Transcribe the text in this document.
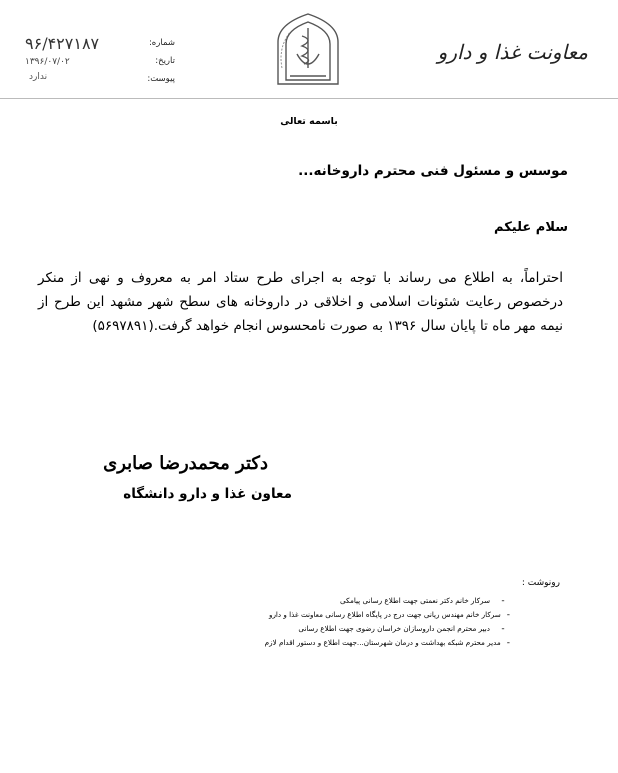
معاونت غذا و دارو
شماره:
تاریخ:
پیوست:
۹۶/۴۲۷۱۸۷
۱۳۹۶/۰۷/۰۲
ندارد
باسمه تعالی
موسس و مسئول فنی محترم داروخانه...
سلام علیکم
احتراماً، به اطلاع می رساند با توجه به اجرای طرح ستاد امر به معروف و نهی از منکر درخصوص رعایت شئونات اسلامی و اخلاقی در داروخانه های سطح شهر مشهد این طرح از نیمه مهر ماه تا پایان سال ۱۳۹۶ به صورت نامحسوس انجام خواهد گرفت.(۵۶۹۷۸۹۱)
دکتر محمدرضا صابری
معاون غذا و دارو دانشگاه
رونوشت :
-
سرکار خانم دکتر نعمتی جهت اطلاع رسانی پیامکی
-
سرکار خانم مهندس ریانی جهت درج در پایگاه اطلاع رسانی معاونت غذا و دارو
-
دبیر محترم انجمن داروسازان خراسان رضوی جهت اطلاع رسانی
-
مدیر محترم شبکه بهداشت و درمان شهرستان...جهت اطلاع و دستور اقدام لازم
